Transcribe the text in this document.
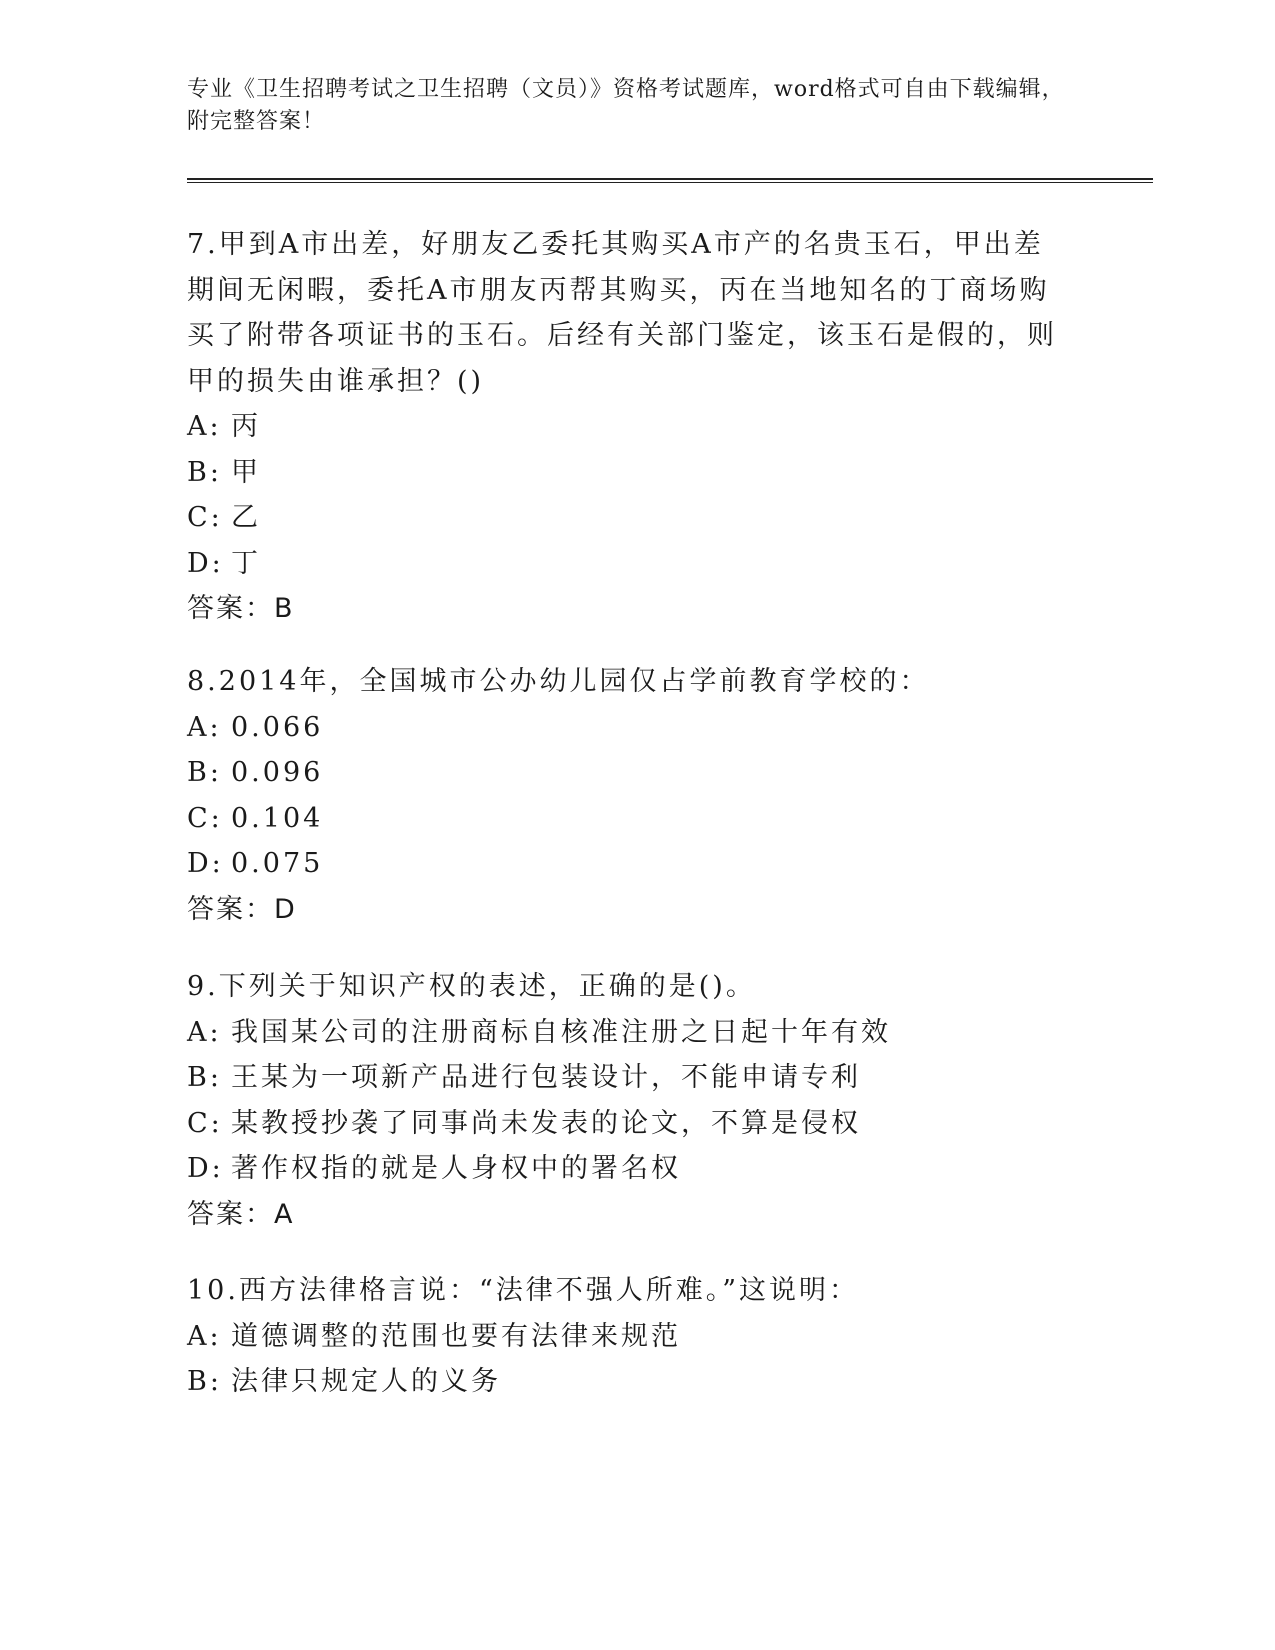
专业《卫生招聘考试之卫生招聘（文员）》资格考试题库，word格式可自由下载编辑，附完整答案！
7.甲到A市出差，好朋友乙委托其购买A市产的名贵玉石，甲出差期间无闲暇，委托A市朋友丙帮其购买，丙在当地知名的丁商场购买了附带各项证书的玉石。后经有关部门鉴定，该玉石是假的，则甲的损失由谁承担？()
A: 丙
B: 甲
C: 乙
D: 丁
答案：B
8.2014年，全国城市公办幼儿园仅占学前教育学校的：
A: 0.066
B: 0.096
C: 0.104
D: 0.075
答案：D
9.下列关于知识产权的表述，正确的是()。
A: 我国某公司的注册商标自核准注册之日起十年有效
B: 王某为一项新产品进行包装设计，不能申请专利
C: 某教授抄袭了同事尚未发表的论文，不算是侵权
D: 著作权指的就是人身权中的署名权
答案：A
10.西方法律格言说：“法律不强人所难。”这说明：
A: 道德调整的范围也要有法律来规范
B: 法律只规定人的义务
